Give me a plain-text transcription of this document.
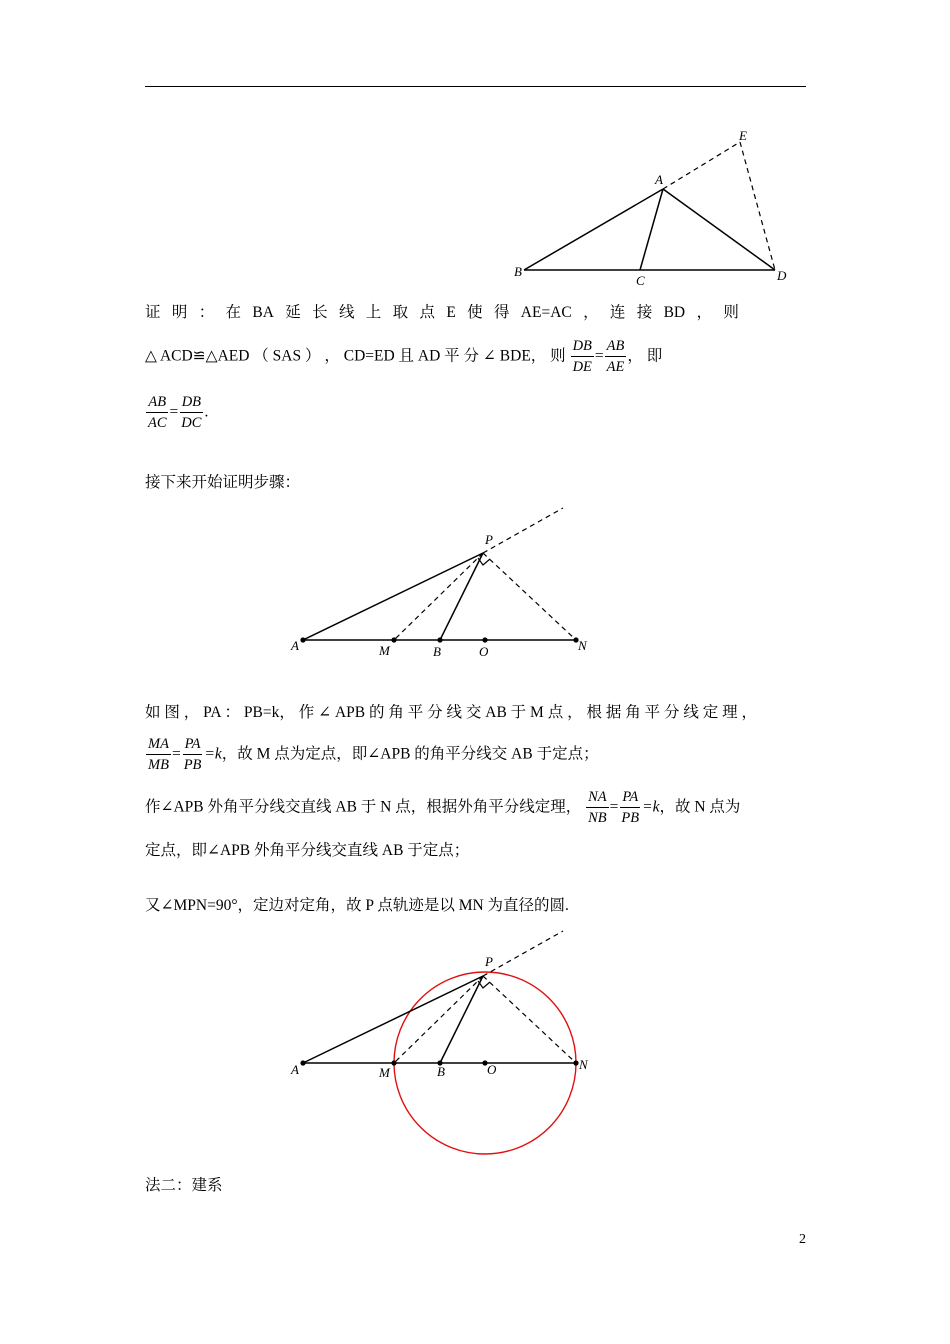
E
A
B
C	D
证 明 ： 在 BA 延 长 线 上 取 点 E 使 得 AE=AC ， 连 接 BD ， 则
△ ACD≌△AED （ SAS ） ， CD=ED 且 AD 平 分 ∠ BDE， 则 $\frac{DB}{DE} = \frac{AB}{AE}$ ， 即
$\frac{AB}{AC} = \frac{DB}{DC}$ .
接下来开始证明步骤：
P
A	M	B	O	N
如 图 ， PA ： PB=k， 作 ∠ APB 的 角 平 分 线 交 AB 于 M 点 ， 根 据 角 平 分 线 定 理 ，
$\frac{MA}{MB} = \frac{PA}{PB} =k$，故 M 点为定点，即∠APB 的角平分线交 AB 于定点；
作∠APB 外角平分线交直线 AB 于 N 点，根据外角平分线定理， $\frac{NA}{NB} = \frac{PA}{PB} =k$，故 N 点为
定点，即∠APB 外角平分线交直线 AB 于定点；
又∠MPN=90°，定边对定角，故 P 点轨迹是以 MN 为直径的圆.
P
A	M	B	O	N
法二：建系
2
